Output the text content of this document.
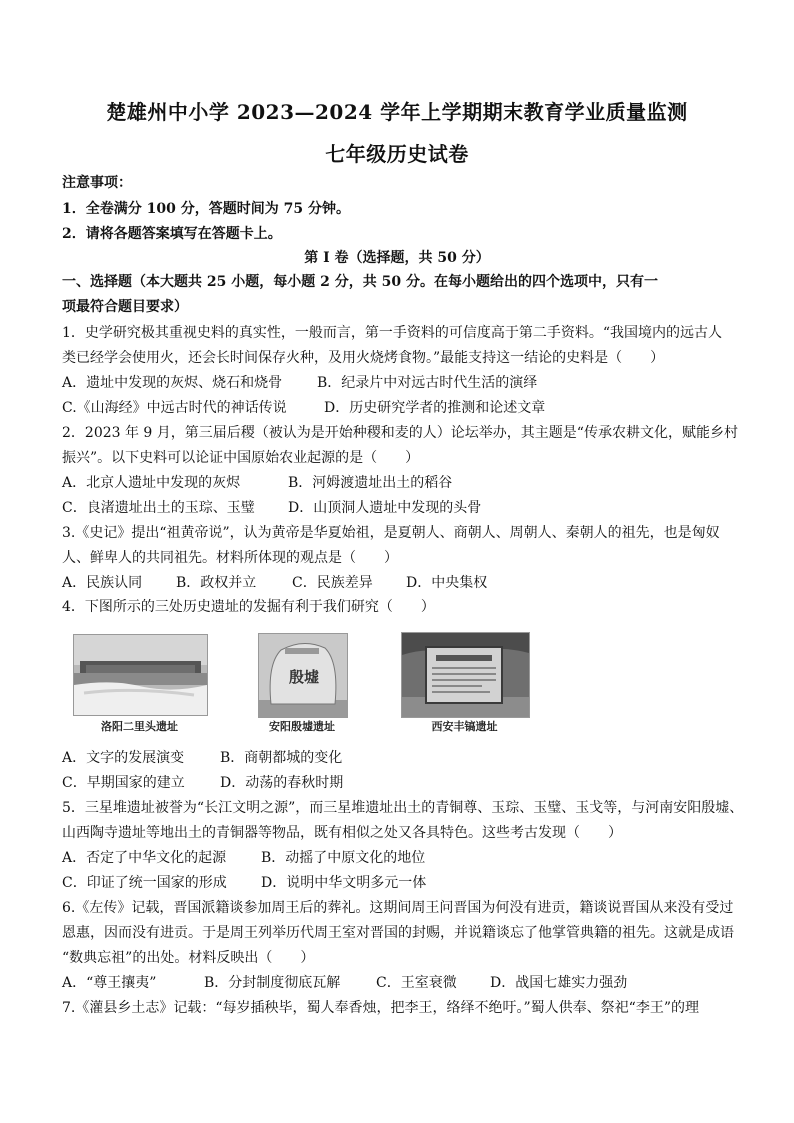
楚雄州中小学 2023—2024 学年上学期期末教育学业质量监测
七年级历史试卷
注意事项：
1．全卷满分 100 分，答题时间为 75 分钟。
2．请将各题答案填写在答题卡上。
第 Ⅰ 卷（选择题，共 50 分）
一、选择题（本大题共 25 小题，每小题 2 分，共 50 分。在每小题给出的四个选项中，只有一
项最符合题目要求）
1．史学研究极其重视史料的真实性，一般而言，第一手资料的可信度高于第二手资料。“我国境内的远古人
类已经学会使用火，还会长时间保存火种，及用火烧烤食物。”最能支持这一结论的史料是（　　）
A．遗址中发现的灰烬、烧石和烧骨 B．纪录片中对远古时代生活的演绎
C.《山海经》中远古时代的神话传说	D．历史研究学者的推测和论述文章
2．2023 年 9 月，第三届后稷（被认为是开始种稷和麦的人）论坛举办，其主题是“传承农耕文化，赋能乡村
振兴”。以下史料可以论证中国原始农业起源的是（　　）
A．北京人遗址中发现的灰烬	B．河姆渡遗址出土的稻谷
C．良渚遗址出土的玉琮、玉璧 D．山顶洞人遗址中发现的头骨
3.《史记》提出“祖黄帝说”，认为黄帝是华夏始祖，是夏朝人、商朝人、周朝人、秦朝人的祖先，也是匈奴
人、鲜卑人的共同祖先。材料所体现的观点是（　　）
A．民族认同 B．政权并立	C．民族差异 D．中央集权
4．下图所示的三处历史遗址的发掘有利于我们研究（　　）
洛阳二里头遗址
殷墟
安阳殷墟遗址	西安丰镐遗址
A．文字的发展演变	B．商朝都城的变化
C．早期国家的建立	D．动荡的春秋时期
5．三星堆遗址被誉为“长江文明之源”，而三星堆遗址出土的青铜尊、玉琮、玉璧、玉戈等，与河南安阳殷墟、
山西陶寺遗址等地出土的青铜器等物品，既有相似之处又各具特色。这些考古发现（　　）
A．否定了中华文化的起源 B．动摇了中原文化的地位
C．印证了统一国家的形成 D．说明中华文明多元一体
6.《左传》记载，晋国派籍谈参加周王后的葬礼。这期间周王问晋国为何没有进贡，籍谈说晋国从来没有受过
恩惠，因而没有进贡。于是周王列举历代周王室对晋国的封赐，并说籍谈忘了他掌管典籍的祖先。这就是成语
“数典忘祖”的出处。材料反映出（　　）
A．“尊王攘夷”	B．分封制度彻底瓦解	C．王室衰微 D．战国七雄实力强劲
7.《灌县乡土志》记载：“每岁插秧毕，蜀人奉香烛，把李王，络绎不绝吁。”蜀人供奉、祭祀“李王”的理
